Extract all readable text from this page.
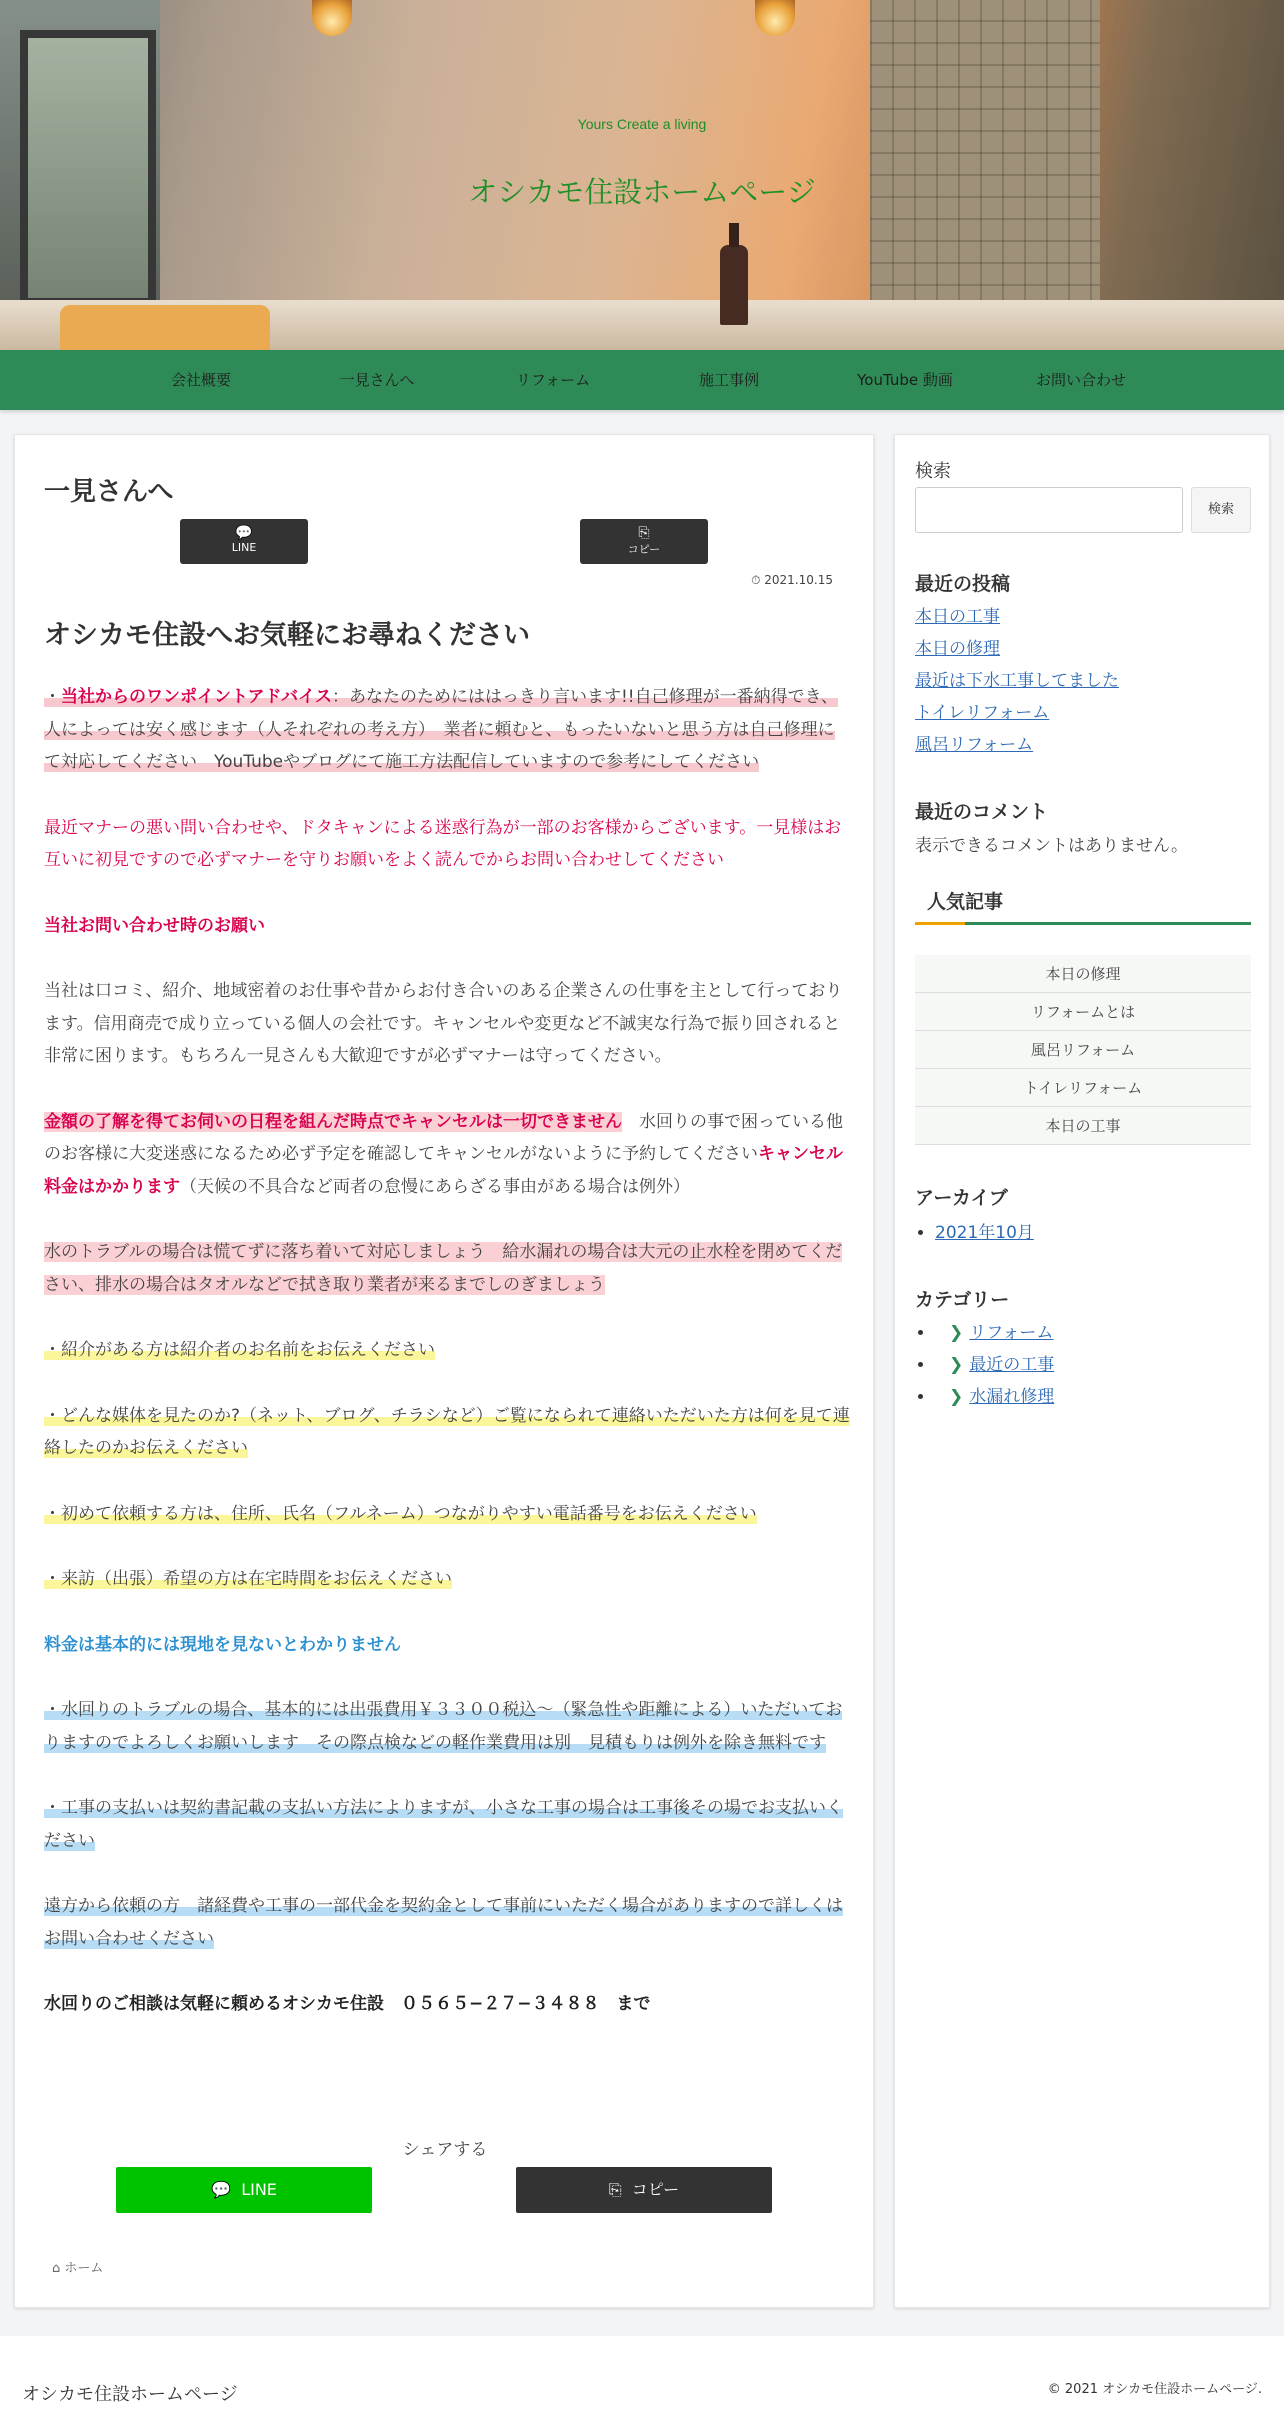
Yours Create a living
オシカモ住設ホームページ
会社概要	一見さんへ	リフォーム	施工事例	YouTube 動画	お問い合わせ
一見さんへ
💬
LINE
⎘
コピー
⏱ 2021.10.15
オシカモ住設へお気軽にお尋ねください

・当社からのワンポイントアドバイス：あなたのためにははっきり言います!!自己修理が一番納得でき、人によっては安く感じます（人それぞれの考え方）　業者に頼むと、もったいないと思う方は自己修理にて対応してください　YouTubeやブログにて施工方法配信していますので参考にしてください

最近マナーの悪い問い合わせや、ドタキャンによる迷惑行為が一部のお客様からございます。一見様はお互いに初見ですので必ずマナーを守りお願いをよく読んでからお問い合わせしてください

当社お問い合わせ時のお願い

当社は口コミ、紹介、地域密着のお仕事や昔からお付き合いのある企業さんの仕事を主として行っております。信用商売で成り立っている個人の会社です。キャンセルや変更など不誠実な行為で振り回されると非常に困ります。もちろん一見さんも大歓迎ですが必ずマナーは守ってください。

金額の了解を得てお伺いの日程を組んだ時点でキャンセルは一切できません　水回りの事で困っている他のお客様に大変迷惑になるため必ず予定を確認してキャンセルがないように予約してくださいキャンセル料金はかかります（天候の不具合など両者の怠慢にあらざる事由がある場合は例外）

水のトラブルの場合は慌てずに落ち着いて対応しましょう　給水漏れの場合は大元の止水栓を閉めてください、排水の場合はタオルなどで拭き取り業者が来るまでしのぎましょう

・紹介がある方は紹介者のお名前をお伝えください

・どんな媒体を見たのか?（ネット、ブログ、チラシなど）ご覧になられて連絡いただいた方は何を見て連絡したのかお伝えください

・初めて依頼する方は、住所、氏名（フルネーム）つながりやすい電話番号をお伝えください

・来訪（出張）希望の方は在宅時間をお伝えください

料金は基本的には現地を見ないとわかりません

・水回りのトラブルの場合、基本的には出張費用￥３３００税込〜（緊急性や距離による）いただいておりますのでよろしくお願いします　その際点検などの軽作業費用は別　見積もりは例外を除き無料です

・工事の支払いは契約書記載の支払い方法によりますが、小さな工事の場合は工事後その場でお支払いください

遠方から依頼の方　諸経費や工事の一部代金を契約金として事前にいただく場合がありますので詳しくはお問い合わせください

水回りのご相談は気軽に頼めるオシカモ住設　０５６５−２７−３４８８　まで

シェアする
💬 LINE	⎘ コピー
⌂ ホーム
検索
検索
最近の投稿
本日の工事
本日の修理
最近は下水工事してました
トイレリフォーム
風呂リフォーム
最近のコメント
表示できるコメントはありません。
人気記事
本日の修理
リフォームとは
風呂リフォーム
トイレリフォーム
本日の工事
アーカイブ
• 2021年10月
カテゴリー
• ❯ リフォーム
• ❯ 最近の工事
• ❯ 水漏れ修理
オシカモ住設ホームページ	© 2021 オシカモ住設ホームページ.
